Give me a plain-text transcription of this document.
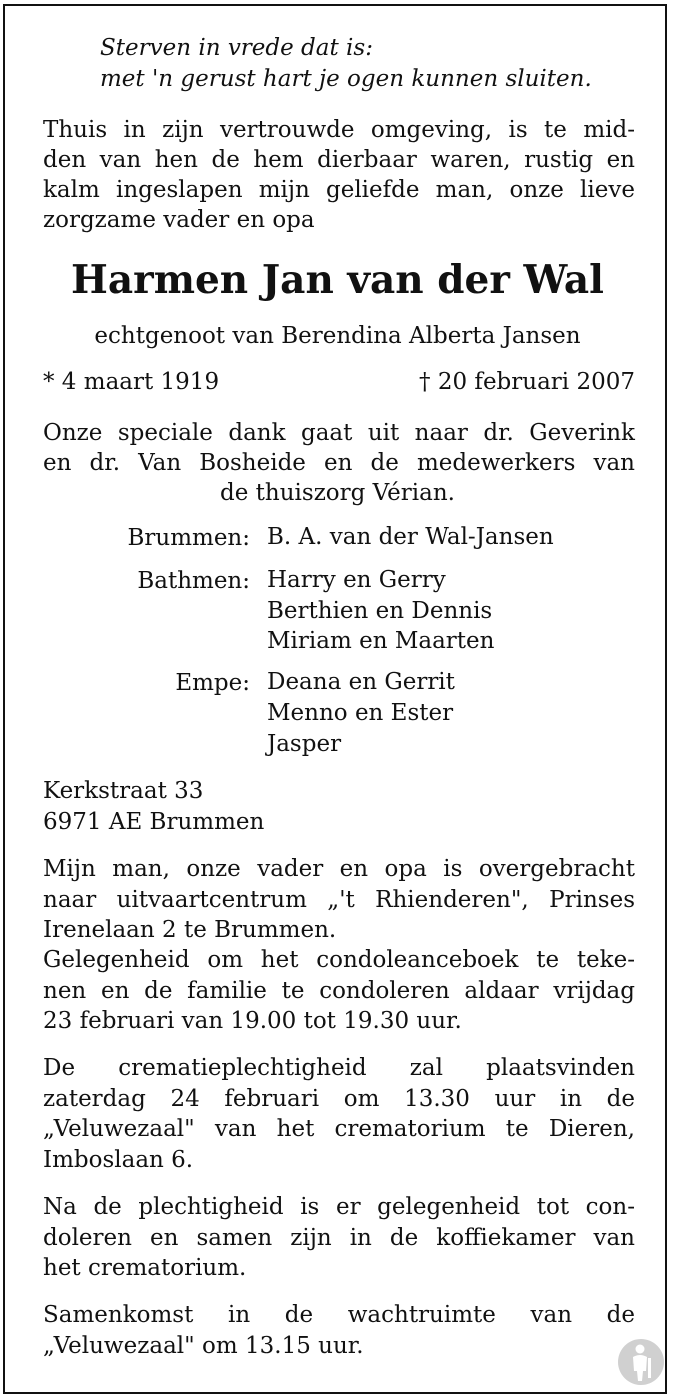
Sterven in vrede dat is:
met 'n gerust hart je ogen kunnen sluiten.
Thuis in zijn vertrouwde omgeving, is te mid-
den van hen de hem dierbaar waren, rustig en
kalm ingeslapen mijn geliefde man, onze lieve
zorgzame vader en opa
Harmen Jan van der Wal
echtgenoot van Berendina Alberta Jansen
* 4 maart 1919	† 20 februari 2007
Onze speciale dank gaat uit naar dr. Geverink
en dr. Van Bosheide en de medewerkers van
de thuiszorg Vérian.
Brummen: B. A. van der Wal-Jansen
Bathmen: Harry en Gerry
Berthien en Dennis
Miriam en Maarten
Empe: Deana en Gerrit
Menno en Ester
Jasper
Kerkstraat 33
6971 AE Brummen
Mijn man, onze vader en opa is overgebracht
naar uitvaartcentrum „'t Rhienderen", Prinses
Irenelaan 2 te Brummen.
Gelegenheid om het condoleanceboek te teke-
nen en de familie te condoleren aldaar vrijdag
23 februari van 19.00 tot 19.30 uur.
De crematieplechtigheid zal plaatsvinden
zaterdag 24 februari om 13.30 uur in de
„Veluwezaal" van het crematorium te Dieren,
Imboslaan 6.
Na de plechtigheid is er gelegenheid tot con-
doleren en samen zijn in de koffiekamer van
het crematorium.
Samenkomst in de wachtruimte van de
„Veluwezaal" om 13.15 uur.
